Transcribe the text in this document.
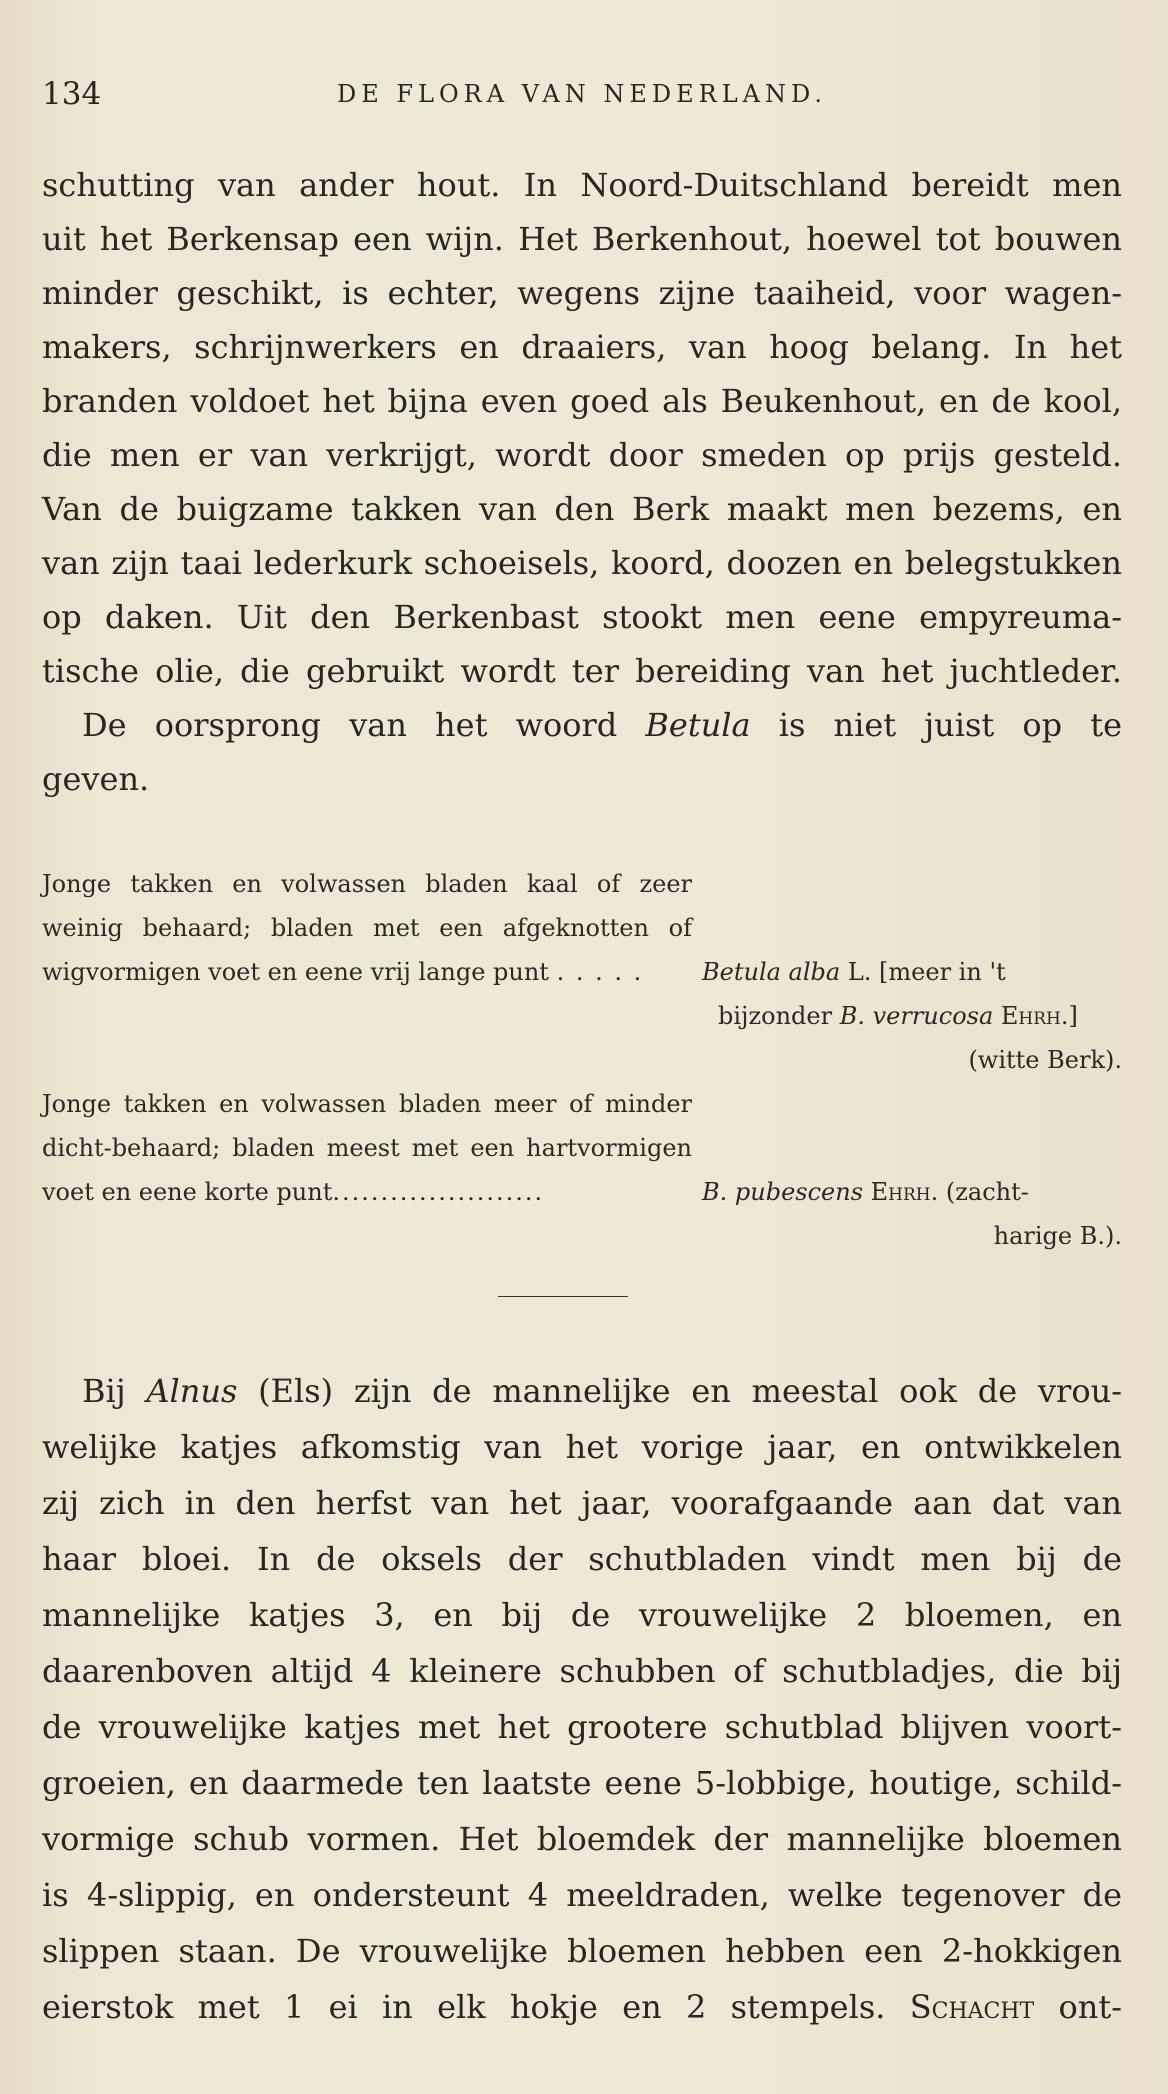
134	DE FLORA VAN NEDERLAND.
schutting van ander hout. In Noord-Duitschland bereidt men
uit het Berkensap een wijn. Het Berkenhout, hoewel tot bouwen
minder geschikt, is echter, wegens zijne taaiheid, voor wagen-
makers, schrijnwerkers en draaiers, van hoog belang. In het
branden voldoet het bijna even goed als Beukenhout, en de kool,
die men er van verkrijgt, wordt door smeden op prijs gesteld.
Van de buigzame takken van den Berk maakt men bezems, en
van zijn taai lederkurk schoeisels, koord, doozen en belegstukken
op daken. Uit den Berkenbast stookt men eene empyreuma-
tische olie, die gebruikt wordt ter bereiding van het juchtleder.
De oorsprong van het woord Betula is niet juist op te
geven.
Jonge takken en volwassen bladen kaal of zeer
weinig behaard; bladen met een afgeknotten of
wigvormigen voet en eene vrij lange punt . . . . . Betula alba L. [meer in 't
bijzonder B. verrucosa Ehrh.]
(witte Berk).
Jonge takken en volwassen bladen meer of minder
dicht-behaard; bladen meest met een hartvormigen
voet en eene korte punt......................	B. pubescens Ehrh. (zacht-
harige B.).
Bij Alnus (Els) zijn de mannelijke en meestal ook de vrou-
welijke katjes afkomstig van het vorige jaar, en ontwikkelen
zij zich in den herfst van het jaar, voorafgaande aan dat van
haar bloei. In de oksels der schutbladen vindt men bij de
mannelijke katjes 3, en bij de vrouwelijke 2 bloemen, en
daarenboven altijd 4 kleinere schubben of schutbladjes, die bij
de vrouwelijke katjes met het grootere schutblad blijven voort-
groeien, en daarmede ten laatste eene 5-lobbige, houtige, schild-
vormige schub vormen. Het bloemdek der mannelijke bloemen
is 4-slippig, en ondersteunt 4 meeldraden, welke tegenover de
slippen staan. De vrouwelijke bloemen hebben een 2-hokkigen
eierstok met 1 ei in elk hokje en 2 stempels. Schacht ont-
